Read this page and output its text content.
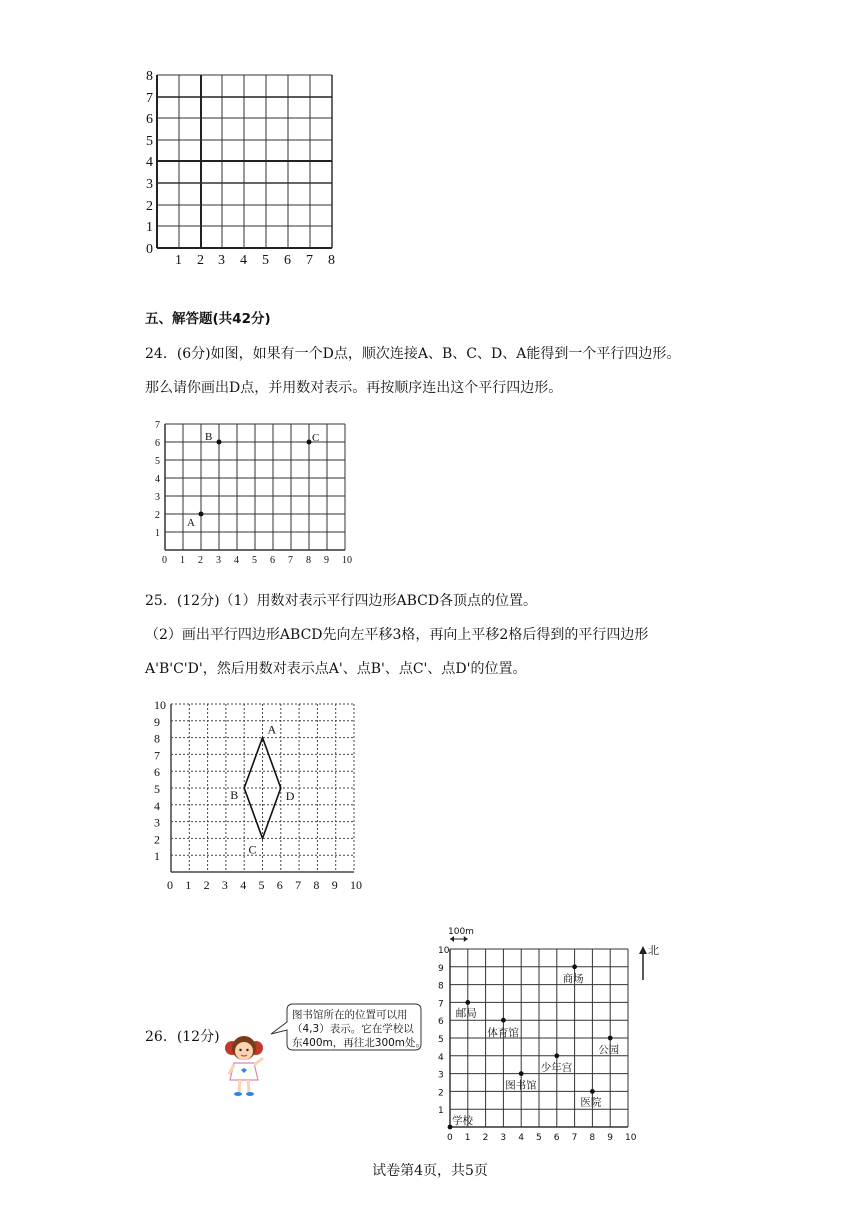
0
1
2
3
4
5
6
7
8
1 2 3 4 5 6 7 8
五、解答题(共42分)
24．(6分)如图，如果有一个D点，顺次连接A、B、C、D、A能得到一个平行四边形。
那么请你画出D点，并用数对表示。再按顺序连出这个平行四边形。
0 1 2 3 4 5 6 7 8 9 10
1
2
3
4
5
6
7
A
B	C
25．(12分)（1）用数对表示平行四边形ABCD各顶点的位置。
（2）画出平行四边形ABCD先向左平移3格，再向上平移2格后得到的平行四边形
A'B'C'D'，然后用数对表示点A'、点B'、点C'、点D'的位置。
0 1 2 3 4 5 6 7 8 9 10
1
2
3
4
5
6
7
8
9
10
A
B
C
D
26．(12分)
图书馆所在的位置可以用
（4,3）表示。它在学校以
东400m，再往北300m处。
0 1 2 3 4 5 6 7 8 9 10
1
2
3
4
5
6
7
8
9
10
100m
学校
邮局
体育馆
图书馆
少年宫
商场
公园
医院
北
试卷第4页，共5页
